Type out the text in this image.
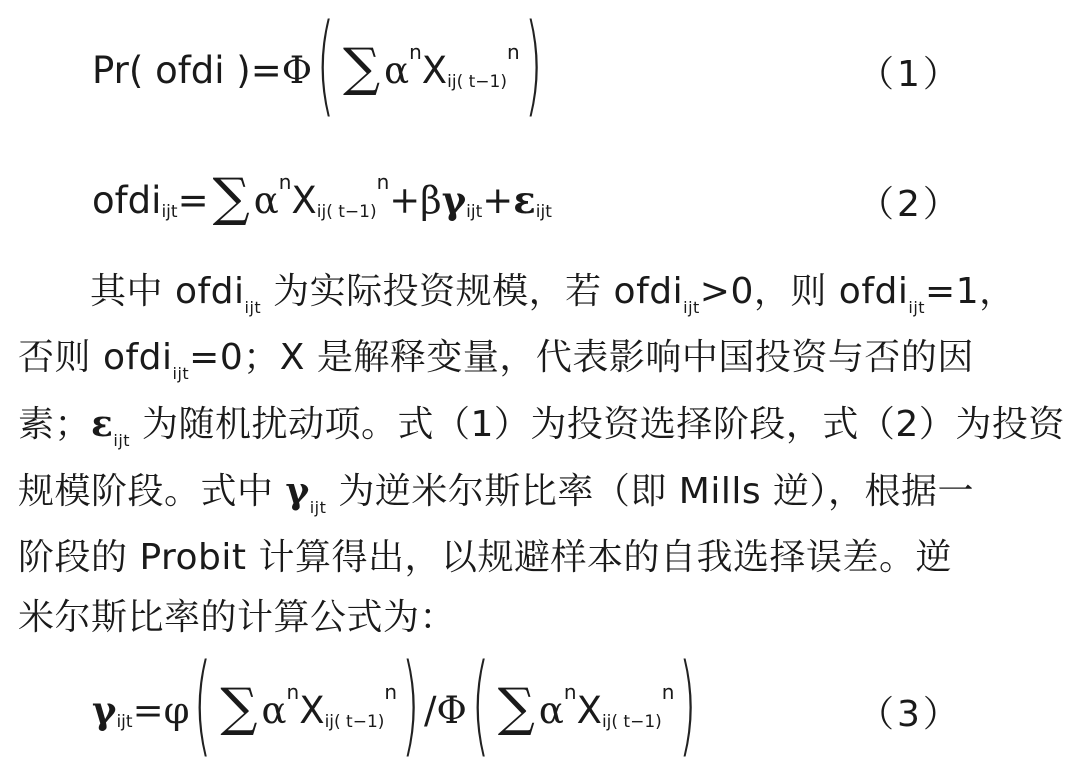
Pr( ofdi )= Φ ( ∑ α n X ij( t−1)
n )	（1）
ofdi ijt = ∑ α n X ij( t−1)
n +β γ ijt + ε ijt	（2）
其中 ofdi$_{ijt}$ 为实际投资规模，若 ofdi$_{ijt}$>0，则 ofdi$_{ijt}$=1，
否则 ofdi$_{ijt}$=0；X 是解释变量，代表影响中国投资与否的因
素；$\varepsilon_{ijt}$ 为随机扰动项。式（1）为投资选择阶段，式（2）为投资
规模阶段。式中 $\gamma_{ijt}$ 为逆米尔斯比率（即 Mills 逆），根据一
阶段的 Probit 计算得出，以规避样本的自我选择误差。逆
米尔斯比率的计算公式为：
γ ijt =φ ( ∑ α n X ij( t−1)
n ) / Φ ( ∑ α n X ij( t−1)
n )	（3）
